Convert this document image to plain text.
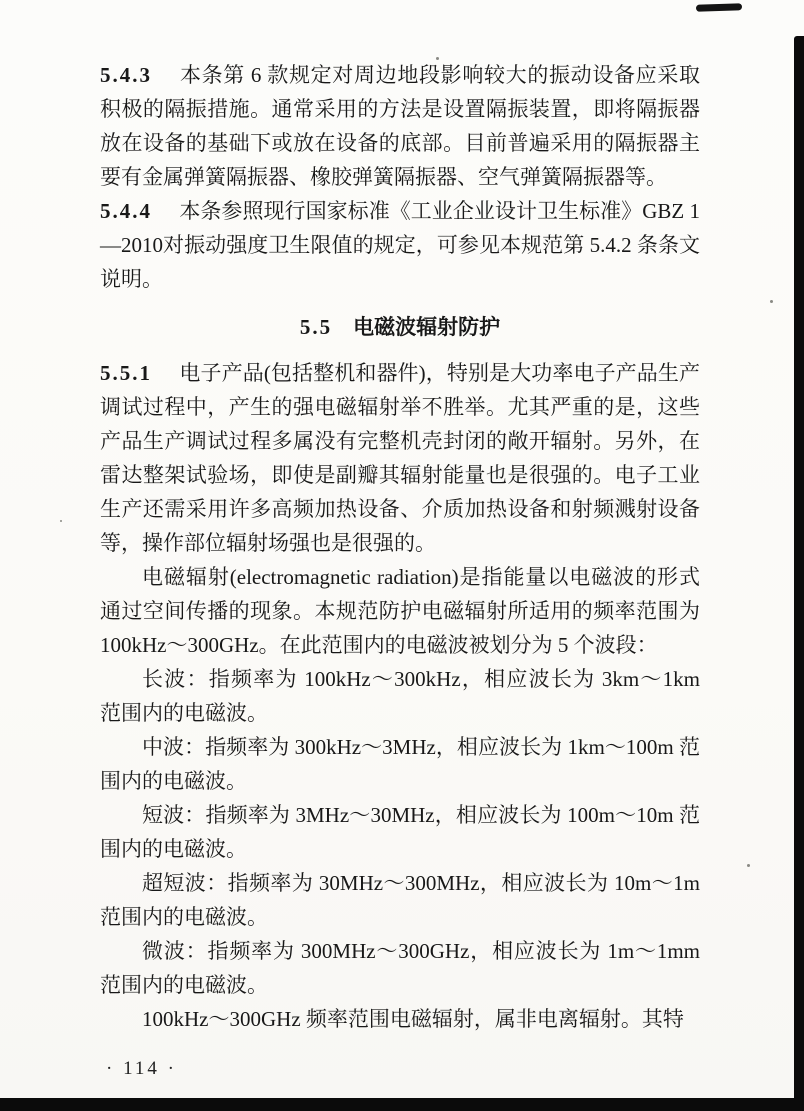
5.4.3 本条第 6 款规定对周边地段影响较大的振动设备应采取积极的隔振措施。通常采用的方法是设置隔振装置，即将隔振器放在设备的基础下或放在设备的底部。目前普遍采用的隔振器主要有金属弹簧隔振器、橡胶弹簧隔振器、空气弹簧隔振器等。

5.4.4 本条参照现行国家标准《工业企业设计卫生标准》GBZ 1—2010对振动强度卫生限值的规定，可参见本规范第 5.4.2 条条文说明。

5.5 电磁波辐射防护

5.5.1 电子产品(包括整机和器件)，特别是大功率电子产品生产调试过程中，产生的强电磁辐射举不胜举。尤其严重的是，这些产品生产调试过程多属没有完整机壳封闭的敞开辐射。另外，在雷达整架试验场，即使是副瓣其辐射能量也是很强的。电子工业生产还需采用许多高频加热设备、介质加热设备和射频溅射设备等，操作部位辐射场强也是很强的。

电磁辐射(electromagnetic radiation)是指能量以电磁波的形式通过空间传播的现象。本规范防护电磁辐射所适用的频率范围为 100kHz～300GHz。在此范围内的电磁波被划分为 5 个波段：

长波：指频率为 100kHz～300kHz，相应波长为 3km～1km 范围内的电磁波。

中波：指频率为 300kHz～3MHz，相应波长为 1km～100m 范围内的电磁波。

短波：指频率为 3MHz～30MHz，相应波长为 100m～10m 范围内的电磁波。

超短波：指频率为 30MHz～300MHz，相应波长为 10m～1m 范围内的电磁波。

微波：指频率为 300MHz～300GHz，相应波长为 1m～1mm 范围内的电磁波。

100kHz～300GHz 频率范围电磁辐射，属非电离辐射。其特

· 114 ·
